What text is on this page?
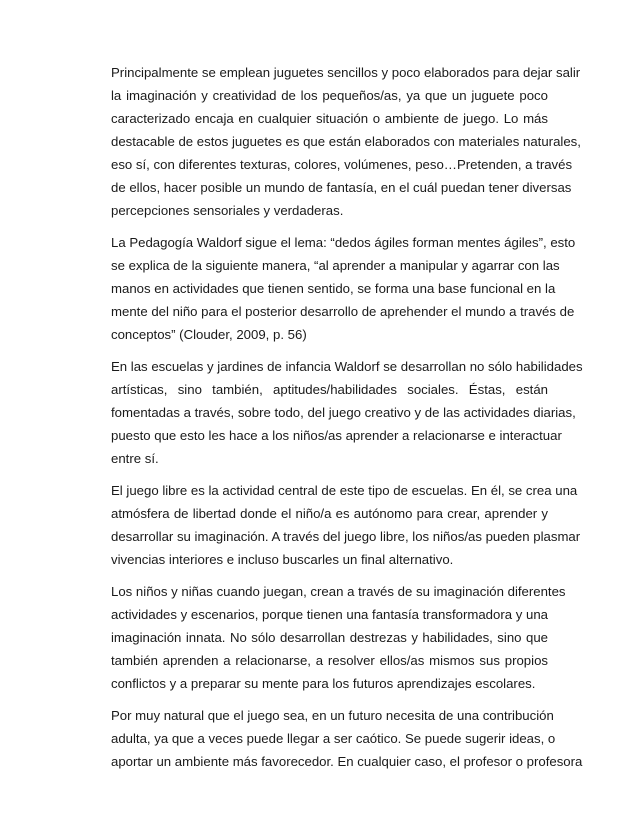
Principalmente se emplean juguetes sencillos y poco elaborados para dejar salir
la imaginación y creatividad de los pequeños/as, ya que un juguete poco
caracterizado encaja en cualquier situación o ambiente de juego. Lo más
destacable de estos juguetes es que están elaborados con materiales naturales,
eso sí, con diferentes texturas, colores, volúmenes, peso…Pretenden, a través
de ellos, hacer posible un mundo de fantasía, en el cuál puedan tener diversas
percepciones sensoriales y verdaderas.
La Pedagogía Waldorf sigue el lema: “dedos ágiles forman mentes ágiles”, esto
se explica de la siguiente manera, “al aprender a manipular y agarrar con las
manos en actividades que tienen sentido, se forma una base funcional en la
mente del niño para el posterior desarrollo de aprehender el mundo a través de
conceptos” (Clouder, 2009, p. 56)
En las escuelas y jardines de infancia Waldorf se desarrollan no sólo habilidades
artísticas, sino también, aptitudes/habilidades sociales. Éstas, están
fomentadas a través, sobre todo, del juego creativo y de las actividades diarias,
puesto que esto les hace a los niños/as aprender a relacionarse e interactuar
entre sí.
El juego libre es la actividad central de este tipo de escuelas. En él, se crea una
atmósfera de libertad donde el niño/a es autónomo para crear, aprender y
desarrollar su imaginación. A través del juego libre, los niños/as pueden plasmar
vivencias interiores e incluso buscarles un final alternativo.
Los niños y niñas cuando juegan, crean a través de su imaginación diferentes
actividades y escenarios, porque tienen una fantasía transformadora y una
imaginación innata. No sólo desarrollan destrezas y habilidades, sino que
también aprenden a relacionarse, a resolver ellos/as mismos sus propios
conflictos y a preparar su mente para los futuros aprendizajes escolares.
Por muy natural que el juego sea, en un futuro necesita de una contribución
adulta, ya que a veces puede llegar a ser caótico. Se puede sugerir ideas, o
aportar un ambiente más favorecedor. En cualquier caso, el profesor o profesora
